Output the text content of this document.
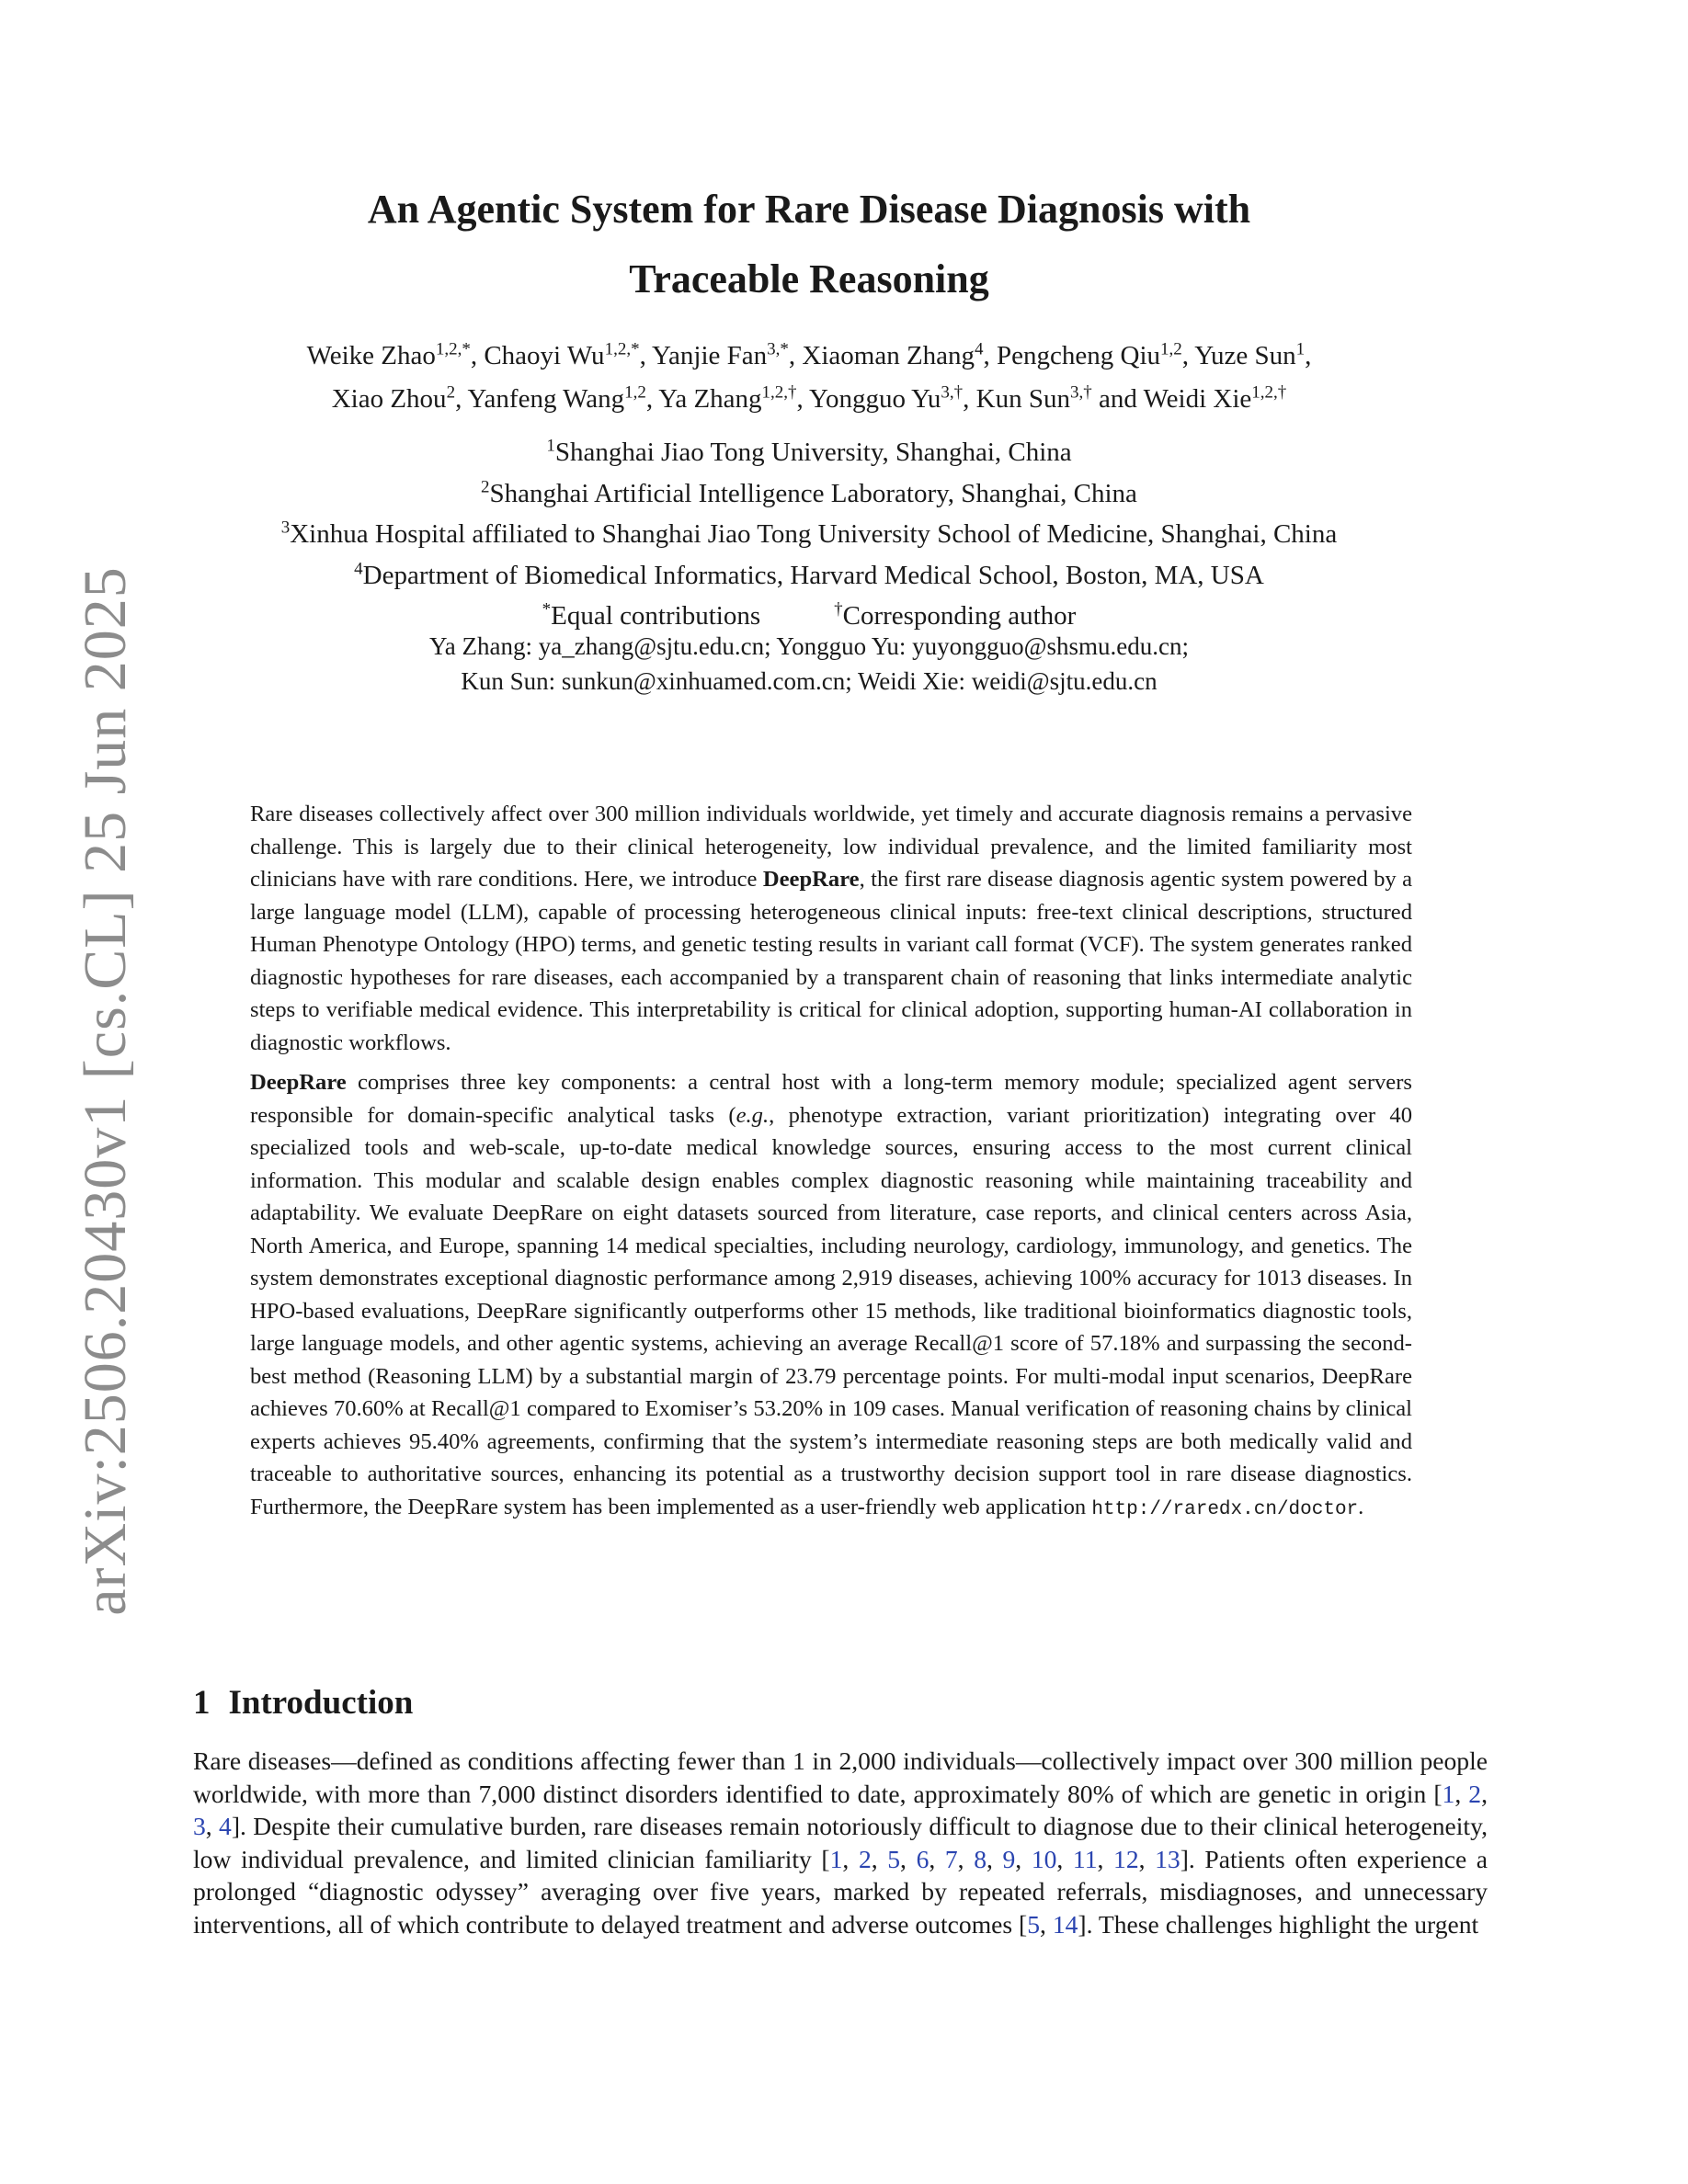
arXiv:2506.20430v1 [cs.CL] 25 Jun 2025
An Agentic System for Rare Disease Diagnosis with
Traceable Reasoning
Weike Zhao$^{1,2,*}$, Chaoyi $Wu^{1,2,*}$, Yanjie Fan$^{3,*}$, Xiaoman Zhang$^4$, Pengcheng Qiu$^{1,2}$, Yuze Sun$^1$,
Xiao Zhou$^2$, Yanfeng Wang$^{1,2}$, Ya Zhang$^{1,2,\dagger}$, Yongguo $Yu^{3,\dagger}$, Kun Sun$^{3,\dagger}$ and Weidi Xie$^{1,2,\dagger}$
$^1$Shanghai Jiao Tong University, Shanghai, China
$^2$Shanghai Artificial Intelligence Laboratory, Shanghai, China
$^3$Xinhua Hospital affiliated to Shanghai Jiao Tong University School of Medicine, Shanghai, China
$^4$Department of Biomedical Informatics, Harvard Medical School, Boston, MA, USA
*Equal contributions	†Corresponding author
Ya Zhang: ya_zhang@sjtu.edu.cn; Yongguo Yu: yuyongguo@shsmu.edu.cn;
Kun Sun: sunkun@xinhuamed.com.cn; Weidi Xie: weidi@sjtu.edu.cn

Rare diseases collectively affect over 300 million individuals worldwide, yet timely and accurate diagnosis remains a pervasive challenge. This is largely due to their clinical heterogeneity, low individual prevalence, and the limited familiarity most clinicians have with rare conditions. Here, we introduce DeepRare, the first rare disease diagnosis agentic system powered by a large language model (LLM), capable of processing heterogeneous clinical inputs: free-text clinical descriptions, structured Human Phenotype Ontology (HPO) terms, and genetic testing results in variant call format (VCF). The system generates ranked diagnostic hypotheses for rare diseases, each accompanied by a transparent chain of reasoning that links intermediate analytic steps to verifiable medical evidence. This interpretability is critical for clinical adoption, supporting human-AI collaboration in diagnostic workflows.

DeepRare comprises three key components: a central host with a long-term memory module; specialized agent servers responsible for domain-specific analytical tasks (e.g., phenotype extraction, variant prioritization) integrating over 40 specialized tools and web-scale, up-to-date medical knowledge sources, ensuring access to the most current clinical information. This modular and scalable design enables complex diagnostic reasoning while maintaining traceability and adaptability. We evaluate DeepRare on eight datasets sourced from literature, case reports, and clinical centers across Asia, North America, and Europe, spanning 14 medical specialties, including neurology, cardiology, immunology, and genetics. The system demonstrates exceptional diagnostic performance among 2,919 diseases, achieving 100% accuracy for 1013 diseases. In HPO-based evaluations, DeepRare significantly outperforms other 15 methods, like traditional bioinformatics diagnostic tools, large language models, and other agentic systems, achieving an average Recall@1 score of 57.18% and surpassing the second-best method (Reasoning LLM) by a substantial margin of 23.79 percentage points. For multi-modal input scenarios, DeepRare achieves 70.60% at Recall@1 compared to Exomiser’s 53.20% in 109 cases. Manual verification of reasoning chains by clinical experts achieves 95.40% agreements, confirming that the system’s intermediate reasoning steps are both medically valid and traceable to authoritative sources, enhancing its potential as a trustworthy decision support tool in rare disease diagnostics. Furthermore, the DeepRare system has been implemented as a user-friendly web application http://raredx.cn/doctor.

1 Introduction

Rare diseases—defined as conditions affecting fewer than 1 in 2,000 individuals—collectively impact over 300 million people worldwide, with more than 7,000 distinct disorders identified to date, approximately 80% of which are genetic in origin [1, 2, 3, 4]. Despite their cumulative burden, rare diseases remain notoriously difficult to diagnose due to their clinical heterogeneity, low individual prevalence, and limited clinician familiarity [1, 2, 5, 6, 7, 8, 9, 10, 11, 12, 13]. Patients often experience a prolonged “diagnostic odyssey” averaging over five years, marked by repeated referrals, misdiagnoses, and unnecessary interventions, all of which contribute to delayed treatment and adverse outcomes [5, 14]. These challenges highlight the urgent
